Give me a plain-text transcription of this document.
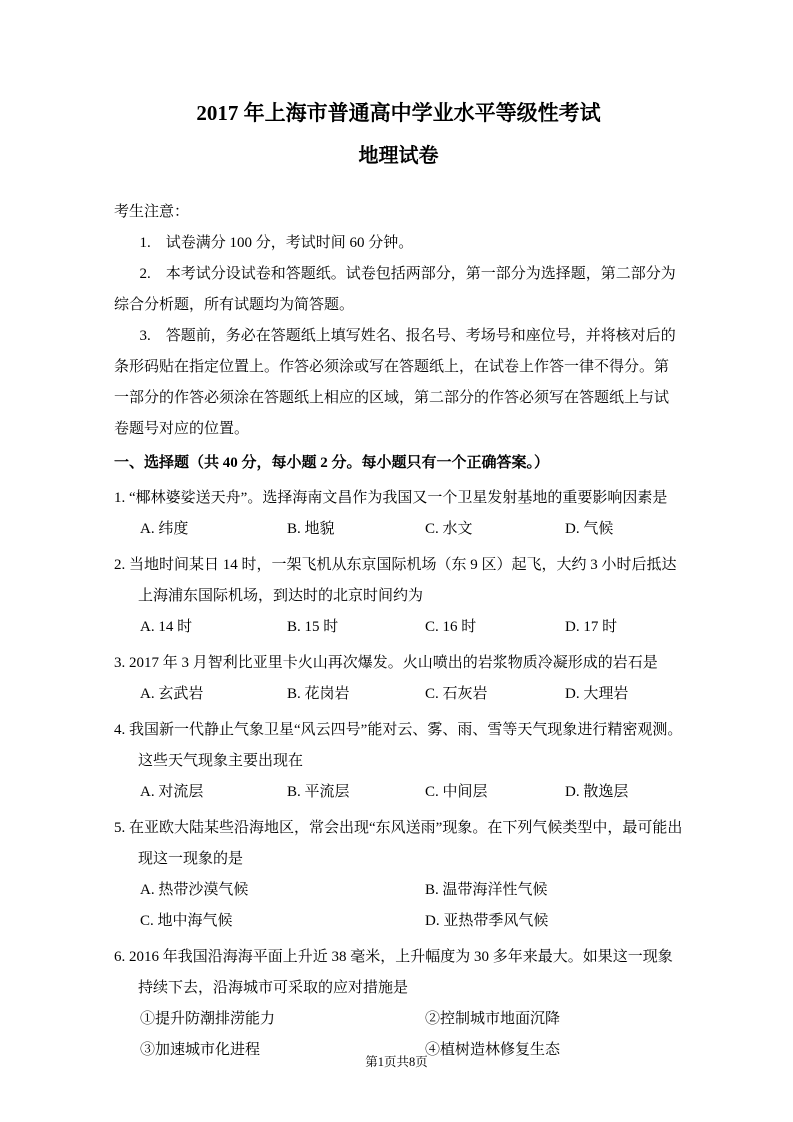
2017 年上海市普通高中学业水平等级性考试
地理试卷

考生注意：

1.　试卷满分 100 分，考试时间 60 分钟。

2.　本考试分设试卷和答题纸。试卷包括两部分，第一部分为选择题，第二部分为综合分析题，所有试题均为简答题。

3.　答题前，务必在答题纸上填写姓名、报名号、考场号和座位号，并将核对后的条形码贴在指定位置上。作答必须涂或写在答题纸上，在试卷上作答一律不得分。第一部分的作答必须涂在答题纸上相应的区域，第二部分的作答必须写在答题纸上与试卷题号对应的位置。

一、选择题（共 40 分，每小题 2 分。每小题只有一个正确答案。）

1. “椰林婆娑送天舟”。选择海南文昌作为我国又一个卫星发射基地的重要影响因素是

A. 纬度	B. 地貌	C. 水文	D. 气候

2. 当地时间某日 14 时，一架飞机从东京国际机场（东 9 区）起飞，大约 3 小时后抵达上海浦东国际机场，到达时的北京时间约为

A. 14 时	B. 15 时	C. 16 时	D. 17 时

3. 2017 年 3 月智利比亚里卡火山再次爆发。火山喷出的岩浆物质冷凝形成的岩石是

A. 玄武岩	B. 花岗岩	C. 石灰岩	D. 大理岩

4. 我国新一代静止气象卫星“风云四号”能对云、雾、雨、雪等天气现象进行精密观测。这些天气现象主要出现在

A. 对流层	B. 平流层	C. 中间层	D. 散逸层

5. 在亚欧大陆某些沿海地区，常会出现“东风送雨”现象。在下列气候类型中，最可能出现这一现象的是

A. 热带沙漠气候	B. 温带海洋性气候
C. 地中海气候	D. 亚热带季风气候

6. 2016 年我国沿海海平面上升近 38 毫米，上升幅度为 30 多年来最大。如果这一现象持续下去，沿海城市可采取的应对措施是

①提升防潮排涝能力	②控制城市地面沉降
③加速城市化进程	④植树造林修复生态
第1页共8页
